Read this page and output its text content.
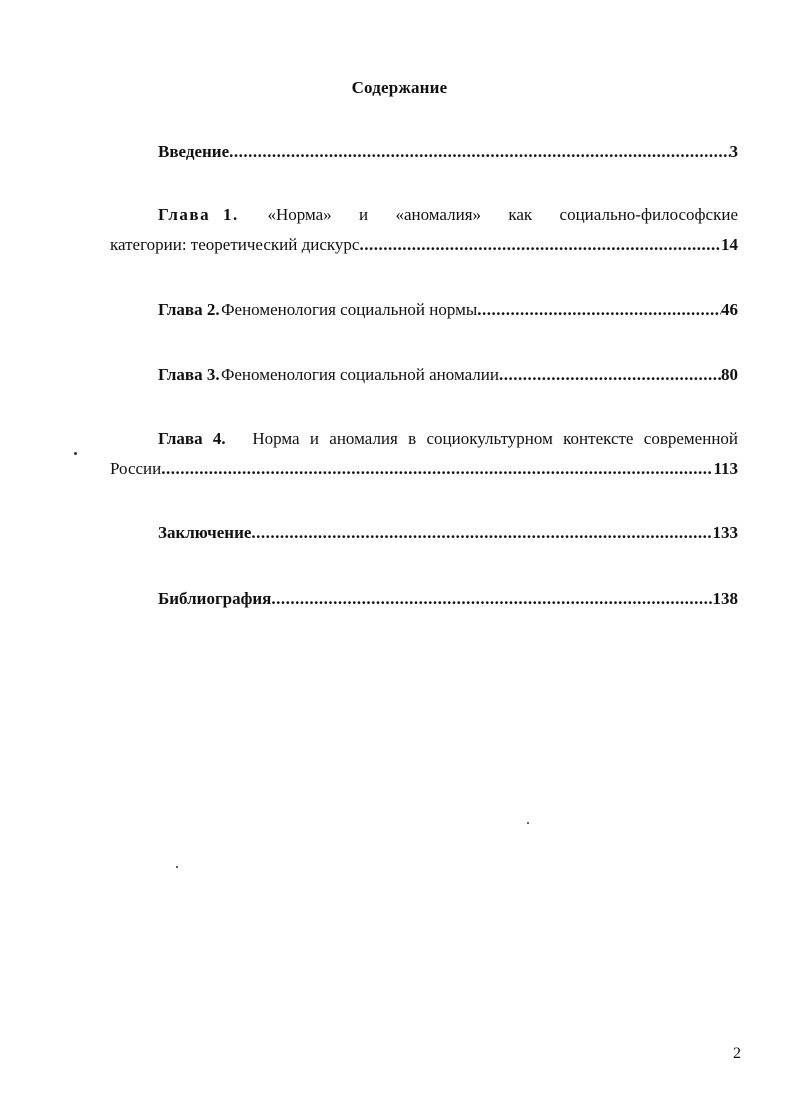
Содержание
Введение .....	3
Глава 1. «Норма» и «аномалия» как социально-философские
категории: теоретический дискурс .....	14
Глава 2. Феноменология социальной нормы .....	46
Глава 3. Феноменология социальной аномалии .....	80
Глава 4. Норма и аномалия в социокультурном контексте современной
России .....	113
Заключение .....	133
Библиография .....	138
2
